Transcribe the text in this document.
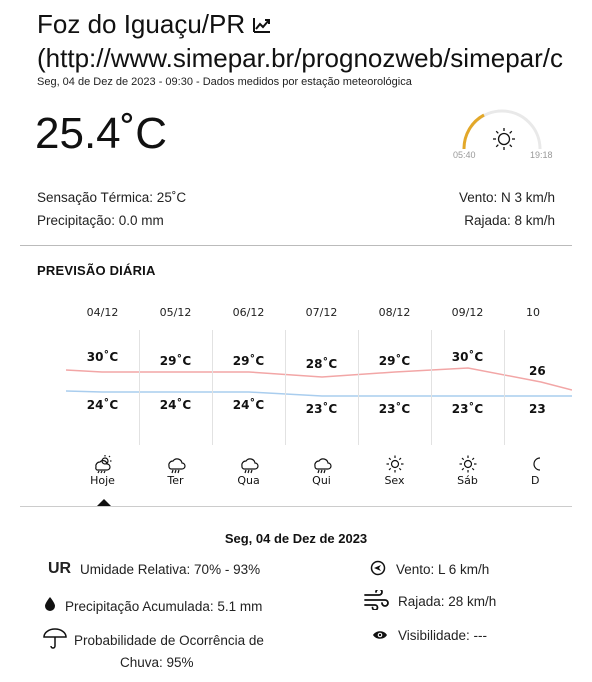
Foz do Iguaçu/PR
(http://www.simepar.br/prognozweb/simepar/c
Seg, 04 de Dez de 2023 - 09:30 - Dados medidos por estação meteorológica
25.4˚C	05:40	19:18
Sensação Térmica: 25˚C
Precipitação: 0.0 mm
Vento: N 3 km/h
Rajada: 8 km/h
PREVISÃO DIÁRIA
04/12
30˚C
24˚C
Hoje
05/12
29˚C
24˚C
Ter
06/12
29˚C
24˚C
Qua
07/12
28˚C
23˚C
Qui
08/12
29˚C
23˚C
Sex
09/12
30˚C
23˚C
Sáb
10
26
23
D
Seg, 04 de Dez de 2023
UR Umidade Relativa: 70% - 93%
Precipitação Acumulada: 5.1 mm
Probabilidade de Ocorrência de
Chuva: 95%
Vento: L 6 km/h
Rajada: 28 km/h
Visibilidade: ---
